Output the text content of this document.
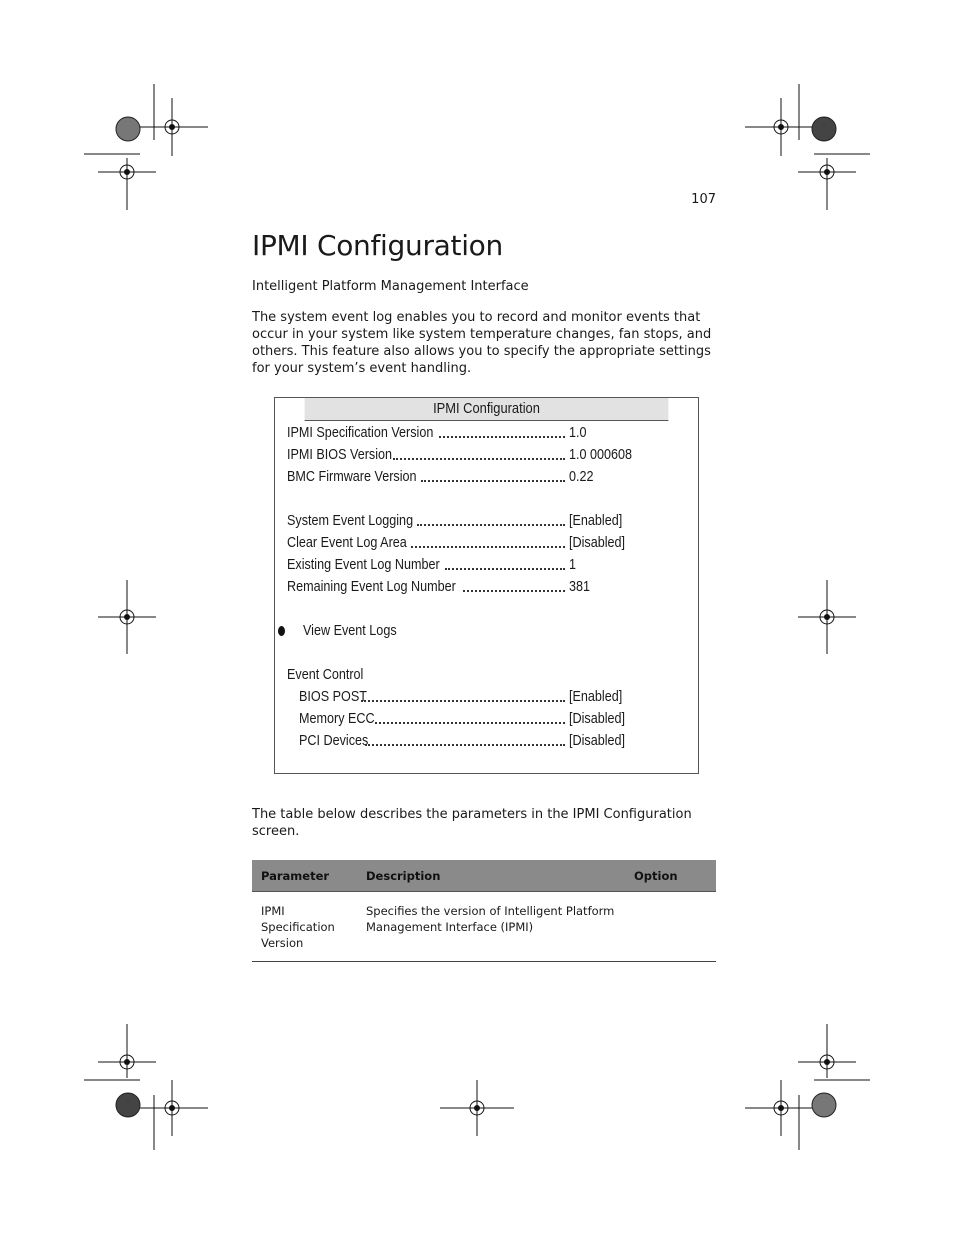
107
IPMI Configuration
Intelligent Platform Management Interface
The system event log enables you to record and monitor events that occur in your system like system temperature changes, fan stops, and others. This feature also allows you to specify the appropriate settings for your system’s event handling.
IPMI Configuration
IPMI Specification Version	1.0
IPMI BIOS Version	1.0 000608
BMC Firmware Version	0.22
System Event Logging	[Enabled]
Clear Event Log Area	[Disabled]
Existing Event Log Number	1
Remaining Event Log Number	381
View Event Logs
Event Control
BIOS POST	[Enabled]
Memory ECC	[Disabled]
PCI Devices	[Disabled]
The table below describes the parameters in the IPMI Configuration screen.
Parameter	Description	Option
IPMI Specification Version	Specifies the version of Intelligent Platform Management Interface (IPMI)	
